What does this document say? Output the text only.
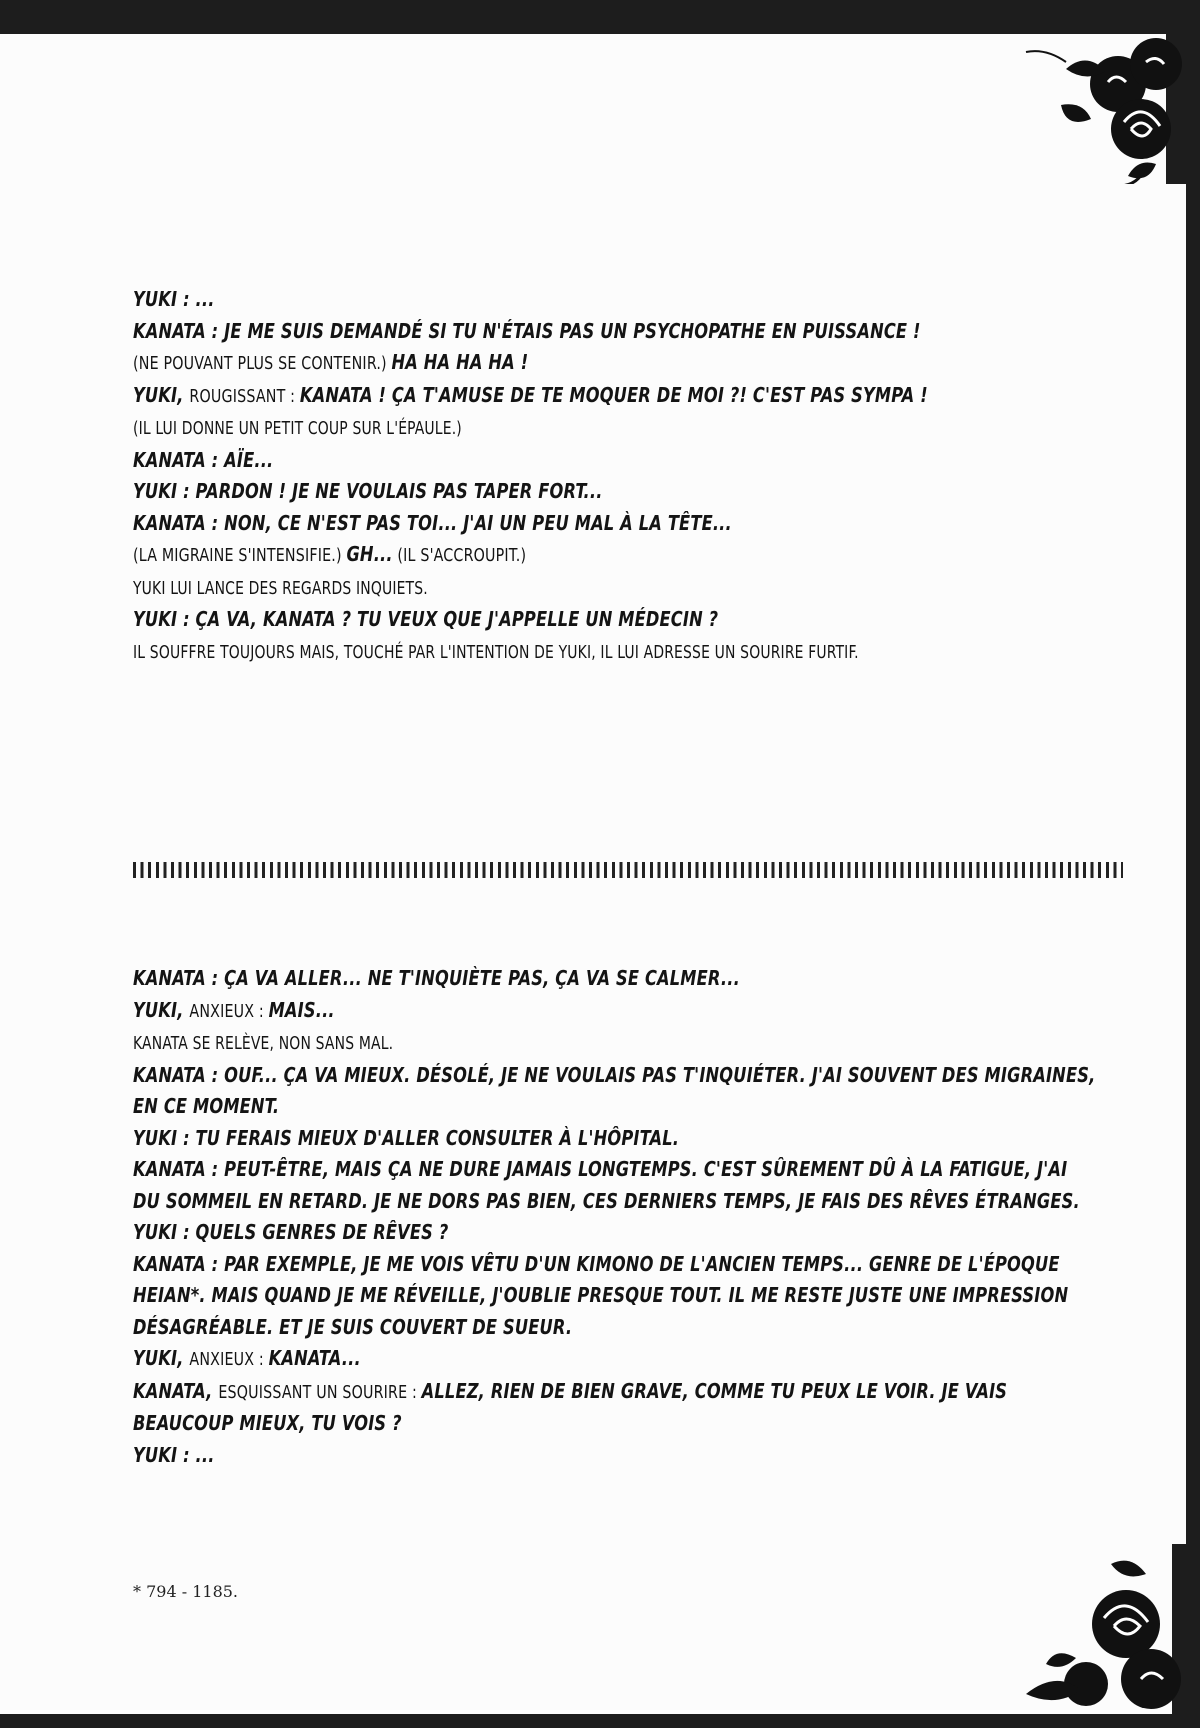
YUKI : ...
KANATA : JE ME SUIS DEMANDÉ SI TU N'ÉTAIS PAS UN PSYCHOPATHE EN PUISSANCE !
(NE POUVANT PLUS SE CONTENIR.) HA HA HA HA !
YUKI, ROUGISSANT : KANATA ! ÇA T'AMUSE DE TE MOQUER DE MOI ?! C'EST PAS SYMPA !
(IL LUI DONNE UN PETIT COUP SUR L'ÉPAULE.)
KANATA : AÏE...
YUKI : PARDON ! JE NE VOULAIS PAS TAPER FORT...
KANATA : NON, CE N'EST PAS TOI... J'AI UN PEU MAL À LA TÊTE...
(LA MIGRAINE S'INTENSIFIE.) GH... (IL S'ACCROUPIT.)
YUKI LUI LANCE DES REGARDS INQUIETS.
YUKI : ÇA VA, KANATA ? TU VEUX QUE J'APPELLE UN MÉDECIN ?
IL SOUFFRE TOUJOURS MAIS, TOUCHÉ PAR L'INTENTION DE YUKI, IL LUI ADRESSE UN SOURIRE FURTIF.
KANATA : ÇA VA ALLER... NE T'INQUIÈTE PAS, ÇA VA SE CALMER...
YUKI, ANXIEUX : MAIS...
KANATA SE RELÈVE, NON SANS MAL.
KANATA : OUF... ÇA VA MIEUX. DÉSOLÉ, JE NE VOULAIS PAS T'INQUIÉTER. J'AI SOUVENT DES MIGRAINES,
EN CE MOMENT.
YUKI : TU FERAIS MIEUX D'ALLER CONSULTER À L'HÔPITAL.
KANATA : PEUT-ÊTRE, MAIS ÇA NE DURE JAMAIS LONGTEMPS. C'EST SÛREMENT DÛ À LA FATIGUE, J'AI
DU SOMMEIL EN RETARD. JE NE DORS PAS BIEN, CES DERNIERS TEMPS, JE FAIS DES RÊVES ÉTRANGES.
YUKI : QUELS GENRES DE RÊVES ?
KANATA : PAR EXEMPLE, JE ME VOIS VÊTU D'UN KIMONO DE L'ANCIEN TEMPS... GENRE DE L'ÉPOQUE
HEIAN*. MAIS QUAND JE ME RÉVEILLE, J'OUBLIE PRESQUE TOUT. IL ME RESTE JUSTE UNE IMPRESSION
DÉSAGRÉABLE. ET JE SUIS COUVERT DE SUEUR.
YUKI, ANXIEUX : KANATA...
KANATA, ESQUISSANT UN SOURIRE : ALLEZ, RIEN DE BIEN GRAVE, COMME TU PEUX LE VOIR. JE VAIS
BEAUCOUP MIEUX, TU VOIS ?
YUKI : ...
* 794 - 1185.
